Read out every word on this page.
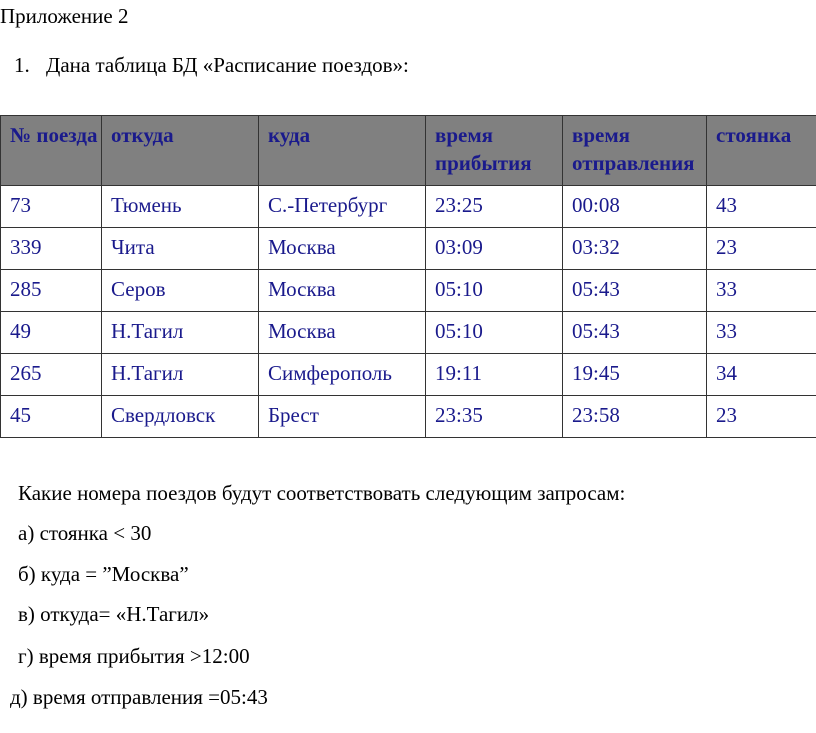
Приложение 2
1. Дана таблица БД «Расписание поездов»:
№ поезда	откуда	куда	время прибытия	время отправления	стоянка
73	Тюмень	С.-Петербург	23:25	00:08	43
339	Чита	Москва	03:09	03:32	23
285	Серов	Москва	05:10	05:43	33
49	Н.Тагил	Москва	05:10	05:43	33
265	Н.Тагил	Симферополь	19:11	19:45	34
45	Свердловск	Брест	23:35	23:58	23
Какие номера поездов будут соответствовать следующим запросам:
а) стоянка < 30
б) куда = ”Москва”
в) откуда= «Н.Тагил»
г) время прибытия >12:00
д) время отправления =05:43
